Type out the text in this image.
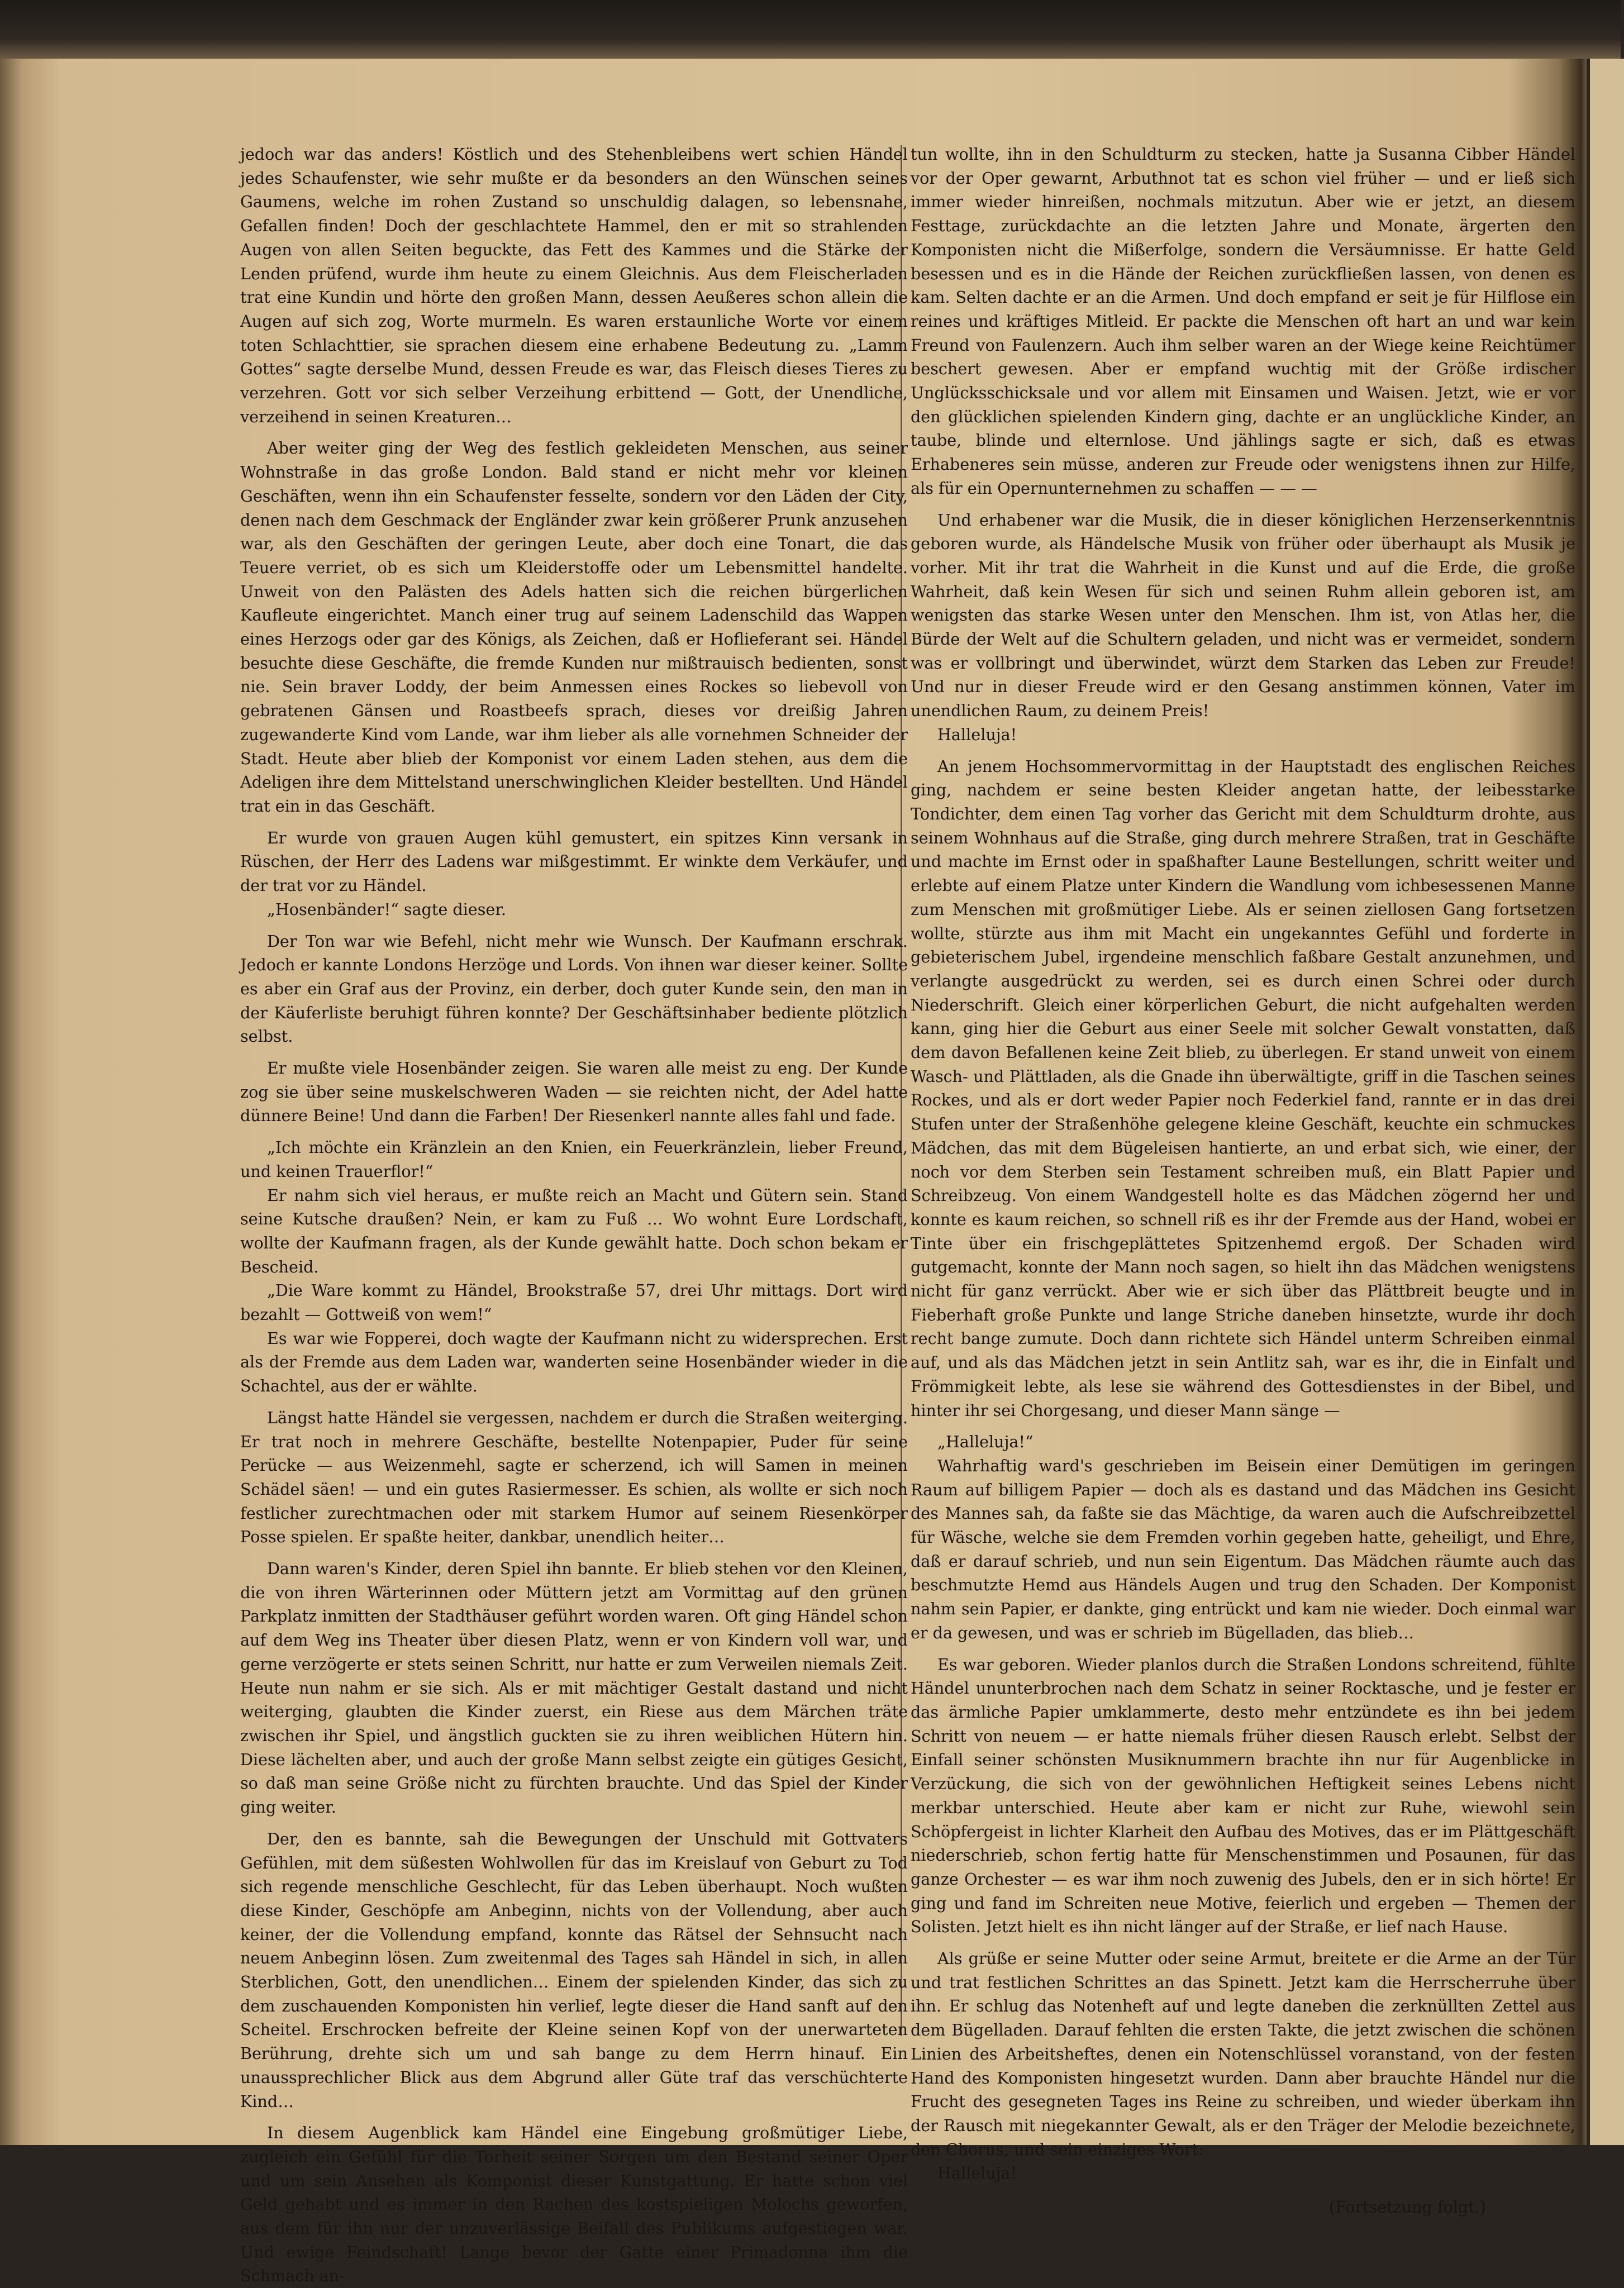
jedoch war das anders! Köstlich und des Stehenbleibens wert schien Händel jedes Schaufenster, wie sehr mußte er da besonders an den Wünschen seines Gaumens, welche im rohen Zustand so unschuldig dalagen, so lebensnahe, Gefallen finden! Doch der geschlachtete Hammel, den er mit so strahlenden Augen von allen Seiten beguckte, das Fett des Kammes und die Stärke der Lenden prüfend, wurde ihm heute zu einem Gleichnis. Aus dem Fleischerladen trat eine Kundin und hörte den großen Mann, dessen Aeußeres schon allein die Augen auf sich zog, Worte murmeln. Es waren erstaunliche Worte vor einem toten Schlachttier, sie sprachen diesem eine erhabene Bedeutung zu. „Lamm Gottes“ sagte derselbe Mund, dessen Freude es war, das Fleisch dieses Tieres zu verzehren. Gott vor sich selber Verzeihung erbittend — Gott, der Unendliche, verzeihend in seinen Kreaturen…

Aber weiter ging der Weg des festlich gekleideten Menschen, aus seiner Wohnstraße in das große London. Bald stand er nicht mehr vor kleinen Geschäften, wenn ihn ein Schaufenster fesselte, sondern vor den Läden der City, denen nach dem Geschmack der Engländer zwar kein größerer Prunk anzusehen war, als den Geschäften der geringen Leute, aber doch eine Tonart, die das Teuere verriet, ob es sich um Kleiderstoffe oder um Lebensmittel handelte. Unweit von den Palästen des Adels hatten sich die reichen bürgerlichen Kaufleute eingerichtet. Manch einer trug auf seinem Ladenschild das Wappen eines Herzogs oder gar des Königs, als Zeichen, daß er Hoflieferant sei. Händel besuchte diese Geschäfte, die fremde Kunden nur mißtrauisch bedienten, sonst nie. Sein braver Loddy, der beim Anmessen eines Rockes so liebevoll von gebratenen Gänsen und Roastbeefs sprach, dieses vor dreißig Jahren zugewanderte Kind vom Lande, war ihm lieber als alle vornehmen Schneider der Stadt. Heute aber blieb der Komponist vor einem Laden stehen, aus dem die Adeligen ihre dem Mittelstand unerschwinglichen Kleider bestellten. Und Händel trat ein in das Geschäft.

Er wurde von grauen Augen kühl gemustert, ein spitzes Kinn versank in Rüschen, der Herr des Ladens war mißgestimmt. Er winkte dem Verkäufer, und der trat vor zu Händel.

„Hosenbänder!“ sagte dieser.

Der Ton war wie Befehl, nicht mehr wie Wunsch. Der Kaufmann erschrak. Jedoch er kannte Londons Herzöge und Lords. Von ihnen war dieser keiner. Sollte es aber ein Graf aus der Provinz, ein derber, doch guter Kunde sein, den man in der Käuferliste beruhigt führen konnte? Der Geschäftsinhaber bediente plötzlich selbst.

Er mußte viele Hosenbänder zeigen. Sie waren alle meist zu eng. Der Kunde zog sie über seine muskelschweren Waden — sie reichten nicht, der Adel hatte dünnere Beine! Und dann die Farben! Der Riesenkerl nannte alles fahl und fade.

„Ich möchte ein Kränzlein an den Knien, ein Feuerkränzlein, lieber Freund, und keinen Trauerflor!“

Er nahm sich viel heraus, er mußte reich an Macht und Gütern sein. Stand seine Kutsche draußen? Nein, er kam zu Fuß … Wo wohnt Eure Lordschaft, wollte der Kaufmann fragen, als der Kunde gewählt hatte. Doch schon bekam er Bescheid.

„Die Ware kommt zu Händel, Brookstraße 57, drei Uhr mittags. Dort wird bezahlt — Gottweiß von wem!“

Es war wie Fopperei, doch wagte der Kaufmann nicht zu widersprechen. Erst als der Fremde aus dem Laden war, wanderten seine Hosenbänder wieder in die Schachtel, aus der er wählte.

Längst hatte Händel sie vergessen, nachdem er durch die Straßen weiterging. Er trat noch in mehrere Geschäfte, bestellte Notenpapier, Puder für seine Perücke — aus Weizenmehl, sagte er scherzend, ich will Samen in meinen Schädel säen! — und ein gutes Rasiermesser. Es schien, als wollte er sich noch festlicher zurechtmachen oder mit starkem Humor auf seinem Riesenkörper Posse spielen. Er spaßte heiter, dankbar, unendlich heiter…

Dann waren's Kinder, deren Spiel ihn bannte. Er blieb stehen vor den Kleinen, die von ihren Wärterinnen oder Müttern jetzt am Vormittag auf den grünen Parkplatz inmitten der Stadthäuser geführt worden waren. Oft ging Händel schon auf dem Weg ins Theater über diesen Platz, wenn er von Kindern voll war, und gerne verzögerte er stets seinen Schritt, nur hatte er zum Verweilen niemals Zeit. Heute nun nahm er sie sich. Als er mit mächtiger Gestalt dastand und nicht weiterging, glaubten die Kinder zuerst, ein Riese aus dem Märchen träte zwischen ihr Spiel, und ängstlich guckten sie zu ihren weiblichen Hütern hin. Diese lächelten aber, und auch der große Mann selbst zeigte ein gütiges Gesicht, so daß man seine Größe nicht zu fürchten brauchte. Und das Spiel der Kinder ging weiter.

Der, den es bannte, sah die Bewegungen der Unschuld mit Gottvaters Gefühlen, mit dem süßesten Wohlwollen für das im Kreislauf von Geburt zu Tod sich regende menschliche Geschlecht, für das Leben überhaupt. Noch wußten diese Kinder, Geschöpfe am Anbeginn, nichts von der Vollendung, aber auch keiner, der die Vollendung empfand, konnte das Rätsel der Sehnsucht nach neuem Anbeginn lösen. Zum zweitenmal des Tages sah Händel in sich, in allen Sterblichen, Gott, den unendlichen… Einem der spielenden Kinder, das sich zu dem zuschauenden Komponisten hin verlief, legte dieser die Hand sanft auf den Scheitel. Erschrocken befreite der Kleine seinen Kopf von der unerwarteten Berührung, drehte sich um und sah bange zu dem Herrn hinauf. Ein unaussprechlicher Blick aus dem Abgrund aller Güte traf das verschüchterte Kind…

In diesem Augenblick kam Händel eine Eingebung großmütiger Liebe, zugleich ein Gefühl für die Torheit seiner Sorgen um den Bestand seiner Oper und um sein Ansehen als Komponist dieser Kunstgattung. Er hatte schon viel Geld gehabt und es immer in den Rachen des kostspieligen Molochs geworfen, aus dem für ihn nur der unzuverlässige Beifall des Publikums aufgestiegen war. Und ewige Feindschaft! Lange bevor der Gatte einer Primadonna ihm die Schmach an-

tun wollte, ihn in den Schuldturm zu stecken, hatte ja Susanna Cibber Händel vor der Oper gewarnt, Arbuthnot tat es schon viel früher — und er ließ sich immer wieder hinreißen, nochmals mitzutun. Aber wie er jetzt, an diesem Festtage, zurückdachte an die letzten Jahre und Monate, ärgerten den Komponisten nicht die Mißerfolge, sondern die Versäumnisse. Er hatte Geld besessen und es in die Hände der Reichen zurückfließen lassen, von denen es kam. Selten dachte er an die Armen. Und doch empfand er seit je für Hilflose ein reines und kräftiges Mitleid. Er packte die Menschen oft hart an und war kein Freund von Faulenzern. Auch ihm selber waren an der Wiege keine Reichtümer beschert gewesen. Aber er empfand wuchtig mit der Größe irdischer Unglücksschicksale und vor allem mit Einsamen und Waisen. Jetzt, wie er vor den glücklichen spielenden Kindern ging, dachte er an unglückliche Kinder, an taube, blinde und elternlose. Und jählings sagte er sich, daß es etwas Erhabeneres sein müsse, anderen zur Freude oder wenigstens ihnen zur Hilfe, als für ein Opernunternehmen zu schaffen — — —

Und erhabener war die Musik, die in dieser königlichen Herzenserkenntnis geboren wurde, als Händelsche Musik von früher oder überhaupt als Musik je vorher. Mit ihr trat die Wahrheit in die Kunst und auf die Erde, die große Wahrheit, daß kein Wesen für sich und seinen Ruhm allein geboren ist, am wenigsten das starke Wesen unter den Menschen. Ihm ist, von Atlas her, die Bürde der Welt auf die Schultern geladen, und nicht was er vermeidet, sondern was er vollbringt und überwindet, würzt dem Starken das Leben zur Freude! Und nur in dieser Freude wird er den Gesang anstimmen können, Vater im unendlichen Raum, zu deinem Preis!

Halleluja!

An jenem Hochsommervormittag in der Hauptstadt des englischen Reiches ging, nachdem er seine besten Kleider angetan hatte, der leibesstarke Tondichter, dem einen Tag vorher das Gericht mit dem Schuldturm drohte, aus seinem Wohnhaus auf die Straße, ging durch mehrere Straßen, trat in Geschäfte und machte im Ernst oder in spaßhafter Laune Bestellungen, schritt weiter und erlebte auf einem Platze unter Kindern die Wandlung vom ichbesessenen Manne zum Menschen mit großmütiger Liebe. Als er seinen ziellosen Gang fortsetzen wollte, stürzte aus ihm mit Macht ein ungekanntes Gefühl und forderte in gebieterischem Jubel, irgendeine menschlich faßbare Gestalt anzunehmen, und verlangte ausgedrückt zu werden, sei es durch einen Schrei oder durch Niederschrift. Gleich einer körperlichen Geburt, die nicht aufgehalten werden kann, ging hier die Geburt aus einer Seele mit solcher Gewalt vonstatten, daß dem davon Befallenen keine Zeit blieb, zu überlegen. Er stand unweit von einem Wasch- und Plättladen, als die Gnade ihn überwältigte, griff in die Taschen seines Rockes, und als er dort weder Papier noch Federkiel fand, rannte er in das drei Stufen unter der Straßenhöhe gelegene kleine Geschäft, keuchte ein schmuckes Mädchen, das mit dem Bügeleisen hantierte, an und erbat sich, wie einer, der noch vor dem Sterben sein Testament schreiben muß, ein Blatt Papier und Schreibzeug. Von einem Wandgestell holte es das Mädchen zögernd her und konnte es kaum reichen, so schnell riß es ihr der Fremde aus der Hand, wobei er Tinte über ein frischgeplättetes Spitzenhemd ergoß. Der Schaden wird gutgemacht, konnte der Mann noch sagen, so hielt ihn das Mädchen wenigstens nicht für ganz verrückt. Aber wie er sich über das Plättbreit beugte und in Fieberhaft große Punkte und lange Striche daneben hinsetzte, wurde ihr doch recht bange zumute. Doch dann richtete sich Händel unterm Schreiben einmal auf, und als das Mädchen jetzt in sein Antlitz sah, war es ihr, die in Einfalt und Frömmigkeit lebte, als lese sie während des Gottesdienstes in der Bibel, und hinter ihr sei Chorgesang, und dieser Mann sänge —

„Halleluja!“

Wahrhaftig ward's geschrieben im Beisein einer Demütigen im geringen Raum auf billigem Papier — doch als es dastand und das Mädchen ins Gesicht des Mannes sah, da faßte sie das Mächtige, da waren auch die Aufschreibzettel für Wäsche, welche sie dem Fremden vorhin gegeben hatte, geheiligt, und Ehre, daß er darauf schrieb, und nun sein Eigentum. Das Mädchen räumte auch das beschmutzte Hemd aus Händels Augen und trug den Schaden. Der Komponist nahm sein Papier, er dankte, ging entrückt und kam nie wieder. Doch einmal war er da gewesen, und was er schrieb im Bügelladen, das blieb…

Es war geboren. Wieder planlos durch die Straßen Londons schreitend, fühlte Händel ununterbrochen nach dem Schatz in seiner Rocktasche, und je fester er das ärmliche Papier umklammerte, desto mehr entzündete es ihn bei jedem Schritt von neuem — er hatte niemals früher diesen Rausch erlebt. Selbst der Einfall seiner schönsten Musiknummern brachte ihn nur für Augenblicke in Verzückung, die sich von der gewöhnlichen Heftigkeit seines Lebens nicht merkbar unterschied. Heute aber kam er nicht zur Ruhe, wiewohl sein Schöpfergeist in lichter Klarheit den Aufbau des Motives, das er im Plättgeschäft niederschrieb, schon fertig hatte für Menschenstimmen und Posaunen, für das ganze Orchester — es war ihm noch zuwenig des Jubels, den er in sich hörte! Er ging und fand im Schreiten neue Motive, feierlich und ergeben — Themen der Solisten. Jetzt hielt es ihn nicht länger auf der Straße, er lief nach Hause.

Als grüße er seine Mutter oder seine Armut, breitete er die Arme an der Tür und trat festlichen Schrittes an das Spinett. Jetzt kam die Herrscherruhe über ihn. Er schlug das Notenheft auf und legte daneben die zerknüllten Zettel aus dem Bügelladen. Darauf fehlten die ersten Takte, die jetzt zwischen die schönen Linien des Arbeitsheftes, denen ein Notenschlüssel voranstand, von der festen Hand des Komponisten hingesetzt wurden. Dann aber brauchte Händel nur die Frucht des gesegneten Tages ins Reine zu schreiben, und wieder überkam ihn der Rausch mit niegekannter Gewalt, als er den Träger der Melodie bezeichnete, den Chorus, und sein einziges Wort:

Halleluja!

(Fortsetzung folgt.)
